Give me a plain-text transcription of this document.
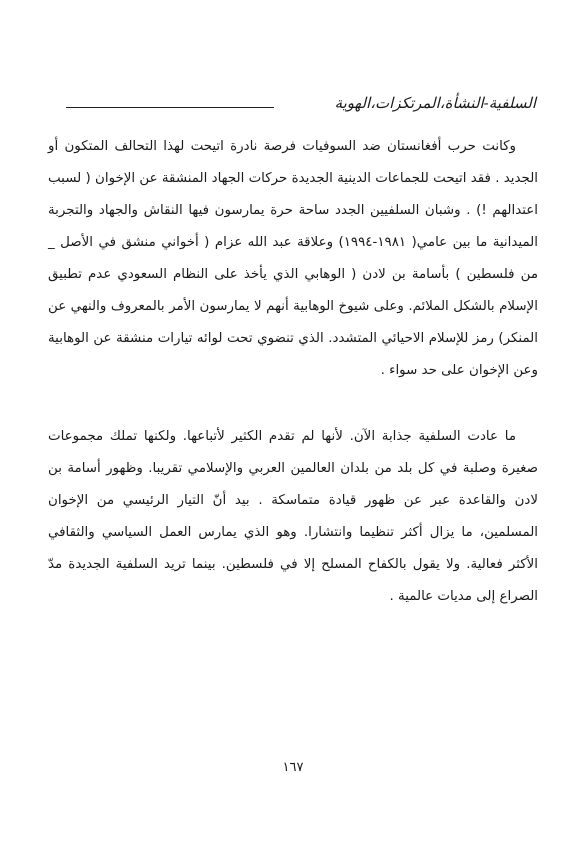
السلفية-النشأة،المرتكزات،الهوية

وكانت حرب أفغانستان ضد السوفيات فرصة نادرة اتيحت لهذا التحالف المتكون أو الجديد . فقد اتيحت للجماعات الدينية الجديدة حركات الجهاد المنشقة عن الإخوان ( لسبب اعتدالهم !) . وشبان السلفيين الجدد ساحة حرة يمارسون فيها النقاش والجهاد والتجربة الميدانية ما بين عامي( ١٩٨١-١٩٩٤) وعلاقة عبد الله عزام ( أخواني منشق في الأصل _ من فلسطين ) بأسامة بن لادن ( الوهابي الذي يأخذ على النظام السعودي عدم تطبيق الإسلام بالشكل الملائم. وعلى شيوخ الوهابية أنهم لا يمارسون الأمر بالمعروف والنهي عن المنكر) رمز للإسلام الاحيائي المتشدد. الذي تنضوي تحت لوائه تيارات منشقة عن الوهابية وعن الإخوان على حد سواء .

ما عادت السلفية جذابة الآن. لأنها لم تقدم الكثير لأتباعها. ولكنها تملك مجموعات صغيرة وصلبة في كل بلد من بلدان العالمين العربي والإسلامي تقريبا. وظهور أسامة بن لادن والقاعدة عبر عن ظهور قيادة متماسكة . بيد أنّ التيار الرئيسي من الإخوان المسلمين، ما يزال أكثر تنظيما وانتشارا. وهو الذي يمارس العمل السياسي والثقافي الأكثر فعالية. ولا يقول بالكفاح المسلح إلا في فلسطين. بينما تريد السلفية الجديدة مدّ الصراع إلى مديات عالمية .

١٦٧
